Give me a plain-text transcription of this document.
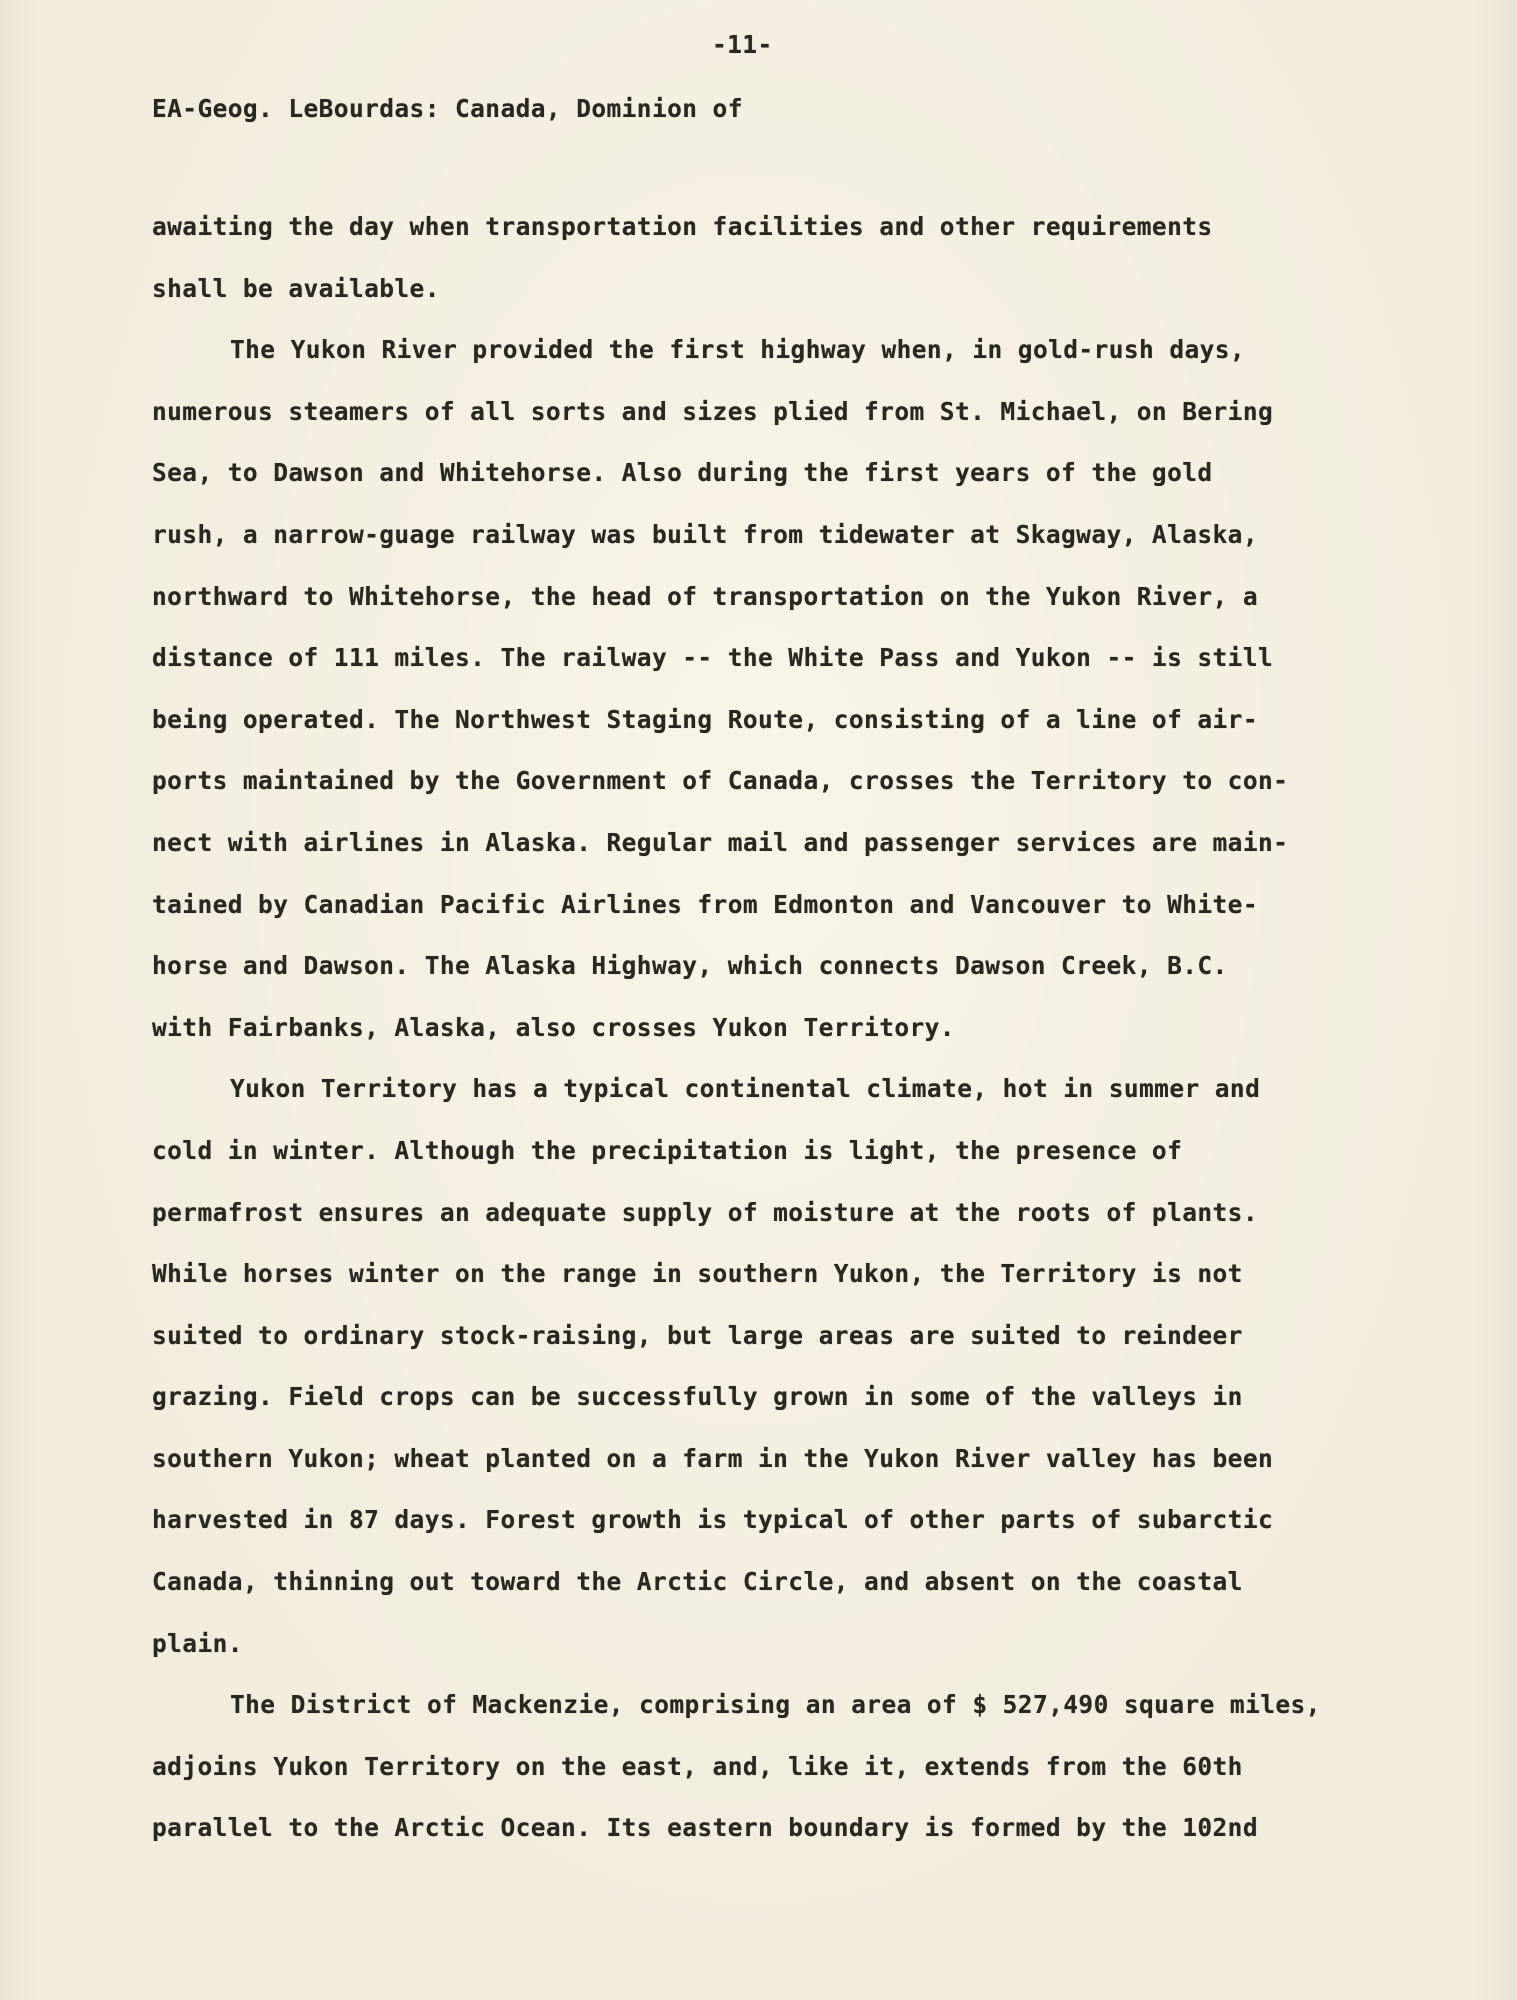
-11-

EA-Geog. LeBourdas: Canada, Dominion of

awaiting the day when transportation facilities and other requirements
shall be available.
The Yukon River provided the first highway when, in gold-rush days,
numerous steamers of all sorts and sizes plied from St. Michael, on Bering
Sea, to Dawson and Whitehorse. Also during the first years of the gold
rush, a narrow-guage railway was built from tidewater at Skagway, Alaska,
northward to Whitehorse, the head of transportation on the Yukon River, a
distance of 111 miles. The railway -- the White Pass and Yukon -- is still
being operated. The Northwest Staging Route, consisting of a line of air-
ports maintained by the Government of Canada, crosses the Territory to con-
nect with airlines in Alaska. Regular mail and passenger services are main-
tained by Canadian Pacific Airlines from Edmonton and Vancouver to White-
horse and Dawson. The Alaska Highway, which connects Dawson Creek, B.C.
with Fairbanks, Alaska, also crosses Yukon Territory.
Yukon Territory has a typical continental climate, hot in summer and
cold in winter. Although the precipitation is light, the presence of
permafrost ensures an adequate supply of moisture at the roots of plants.
While horses winter on the range in southern Yukon, the Territory is not
suited to ordinary stock-raising, but large areas are suited to reindeer
grazing. Field crops can be successfully grown in some of the valleys in
southern Yukon; wheat planted on a farm in the Yukon River valley has been
harvested in 87 days. Forest growth is typical of other parts of subarctic
Canada, thinning out toward the Arctic Circle, and absent on the coastal
plain.
The District of Mackenzie, comprising an area of $ 527,490 square miles,
adjoins Yukon Territory on the east, and, like it, extends from the 60th
parallel to the Arctic Ocean. Its eastern boundary is formed by the 102nd
